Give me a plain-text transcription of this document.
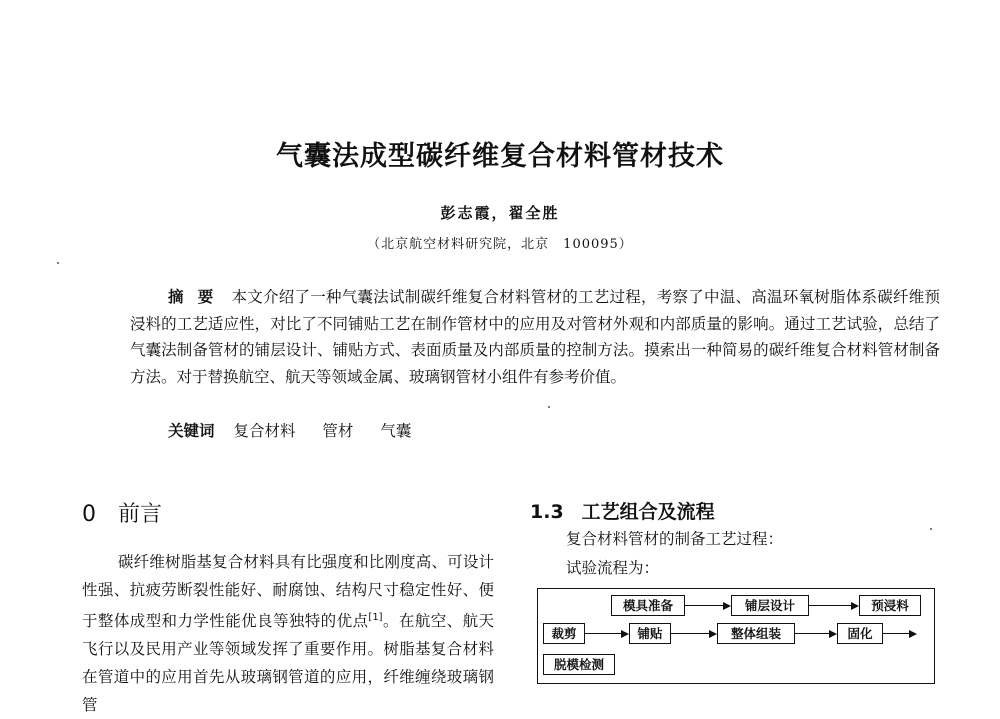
气囊法成型碳纤维复合材料管材技术
彭志霞，翟全胜
（北京航空材料研究院，北京　100095）
摘要 本文介绍了一种气囊法试制碳纤维复合材料管材的工艺过程，考察了中温、高温环氧树脂体系碳纤维预浸料的工艺适应性，对比了不同铺贴工艺在制作管材中的应用及对管材外观和内部质量的影响。通过工艺试验，总结了气囊法制备管材的铺层设计、铺贴方式、表面质量及内部质量的控制方法。摸索出一种简易的碳纤维复合材料管材制备方法。对于替换航空、航天等领域金属、玻璃钢管材小组件有参考价值。
关键词 复合材料 管材 气囊
0 前言
碳纤维树脂基复合材料具有比强度和比刚度高、可设计性强、抗疲劳断裂性能好、耐腐蚀、结构尺寸稳定性好、便于整体成型和力学性能优良等独特的优点[1]。在航空、航天飞行以及民用产业等领域发挥了重要作用。树脂基复合材料在管道中的应用首先从玻璃钢管道的应用，纤维缠绕玻璃钢管
1.3 工艺组合及流程
复合材料管材的制备工艺过程：
试验流程为：
模具准备	铺层设计	预浸料
裁剪	铺贴	整体组装	固化
脱模检测
